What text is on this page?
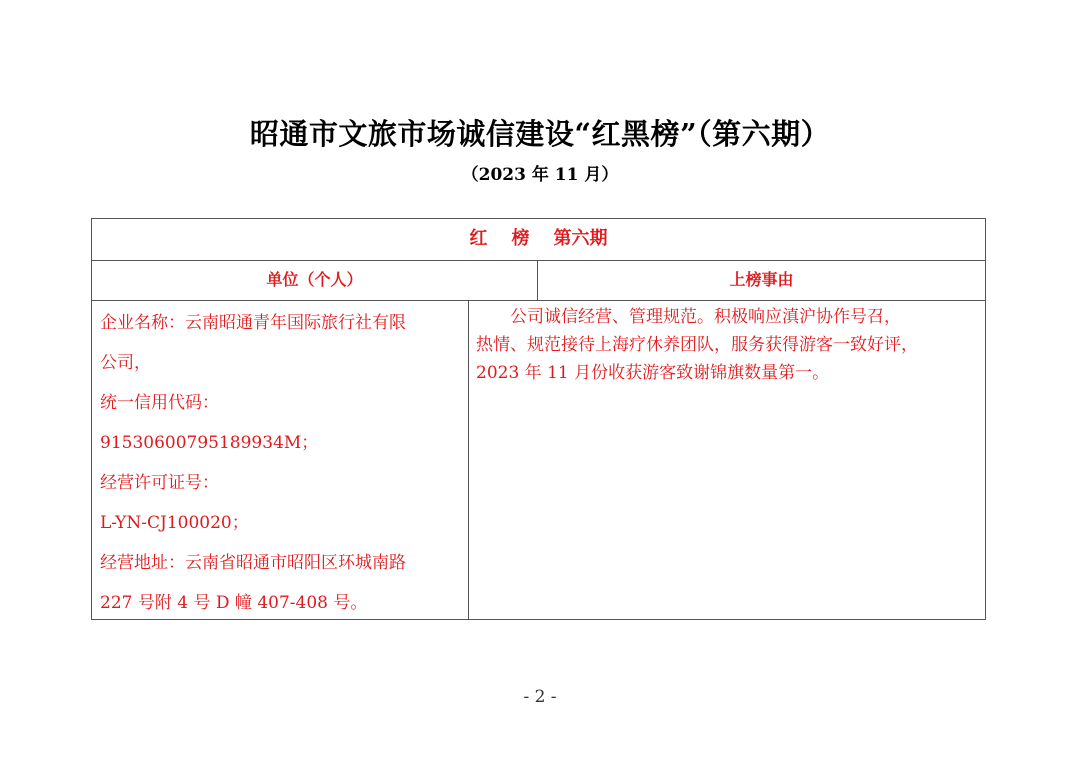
昭通市文旅市场诚信建设“红黑榜”（第六期）
（2023 年 11 月）
红 榜 第六期
单位（个人）	上榜事由
企业名称：云南昭通青年国际旅行社有限
公司，
统一信用代码：
91530600795189934M；
经营许可证号：
L-YN-CJ100020；
经营地址：云南省昭通市昭阳区环城南路
227 号附 4 号 D 幢 407-408 号。
　　公司诚信经营、管理规范。积极响应滇沪协作号召，
热情、规范接待上海疗休养团队，服务获得游客一致好评，
2023 年 11 月份收获游客致谢锦旗数量第一。
- 2 -
